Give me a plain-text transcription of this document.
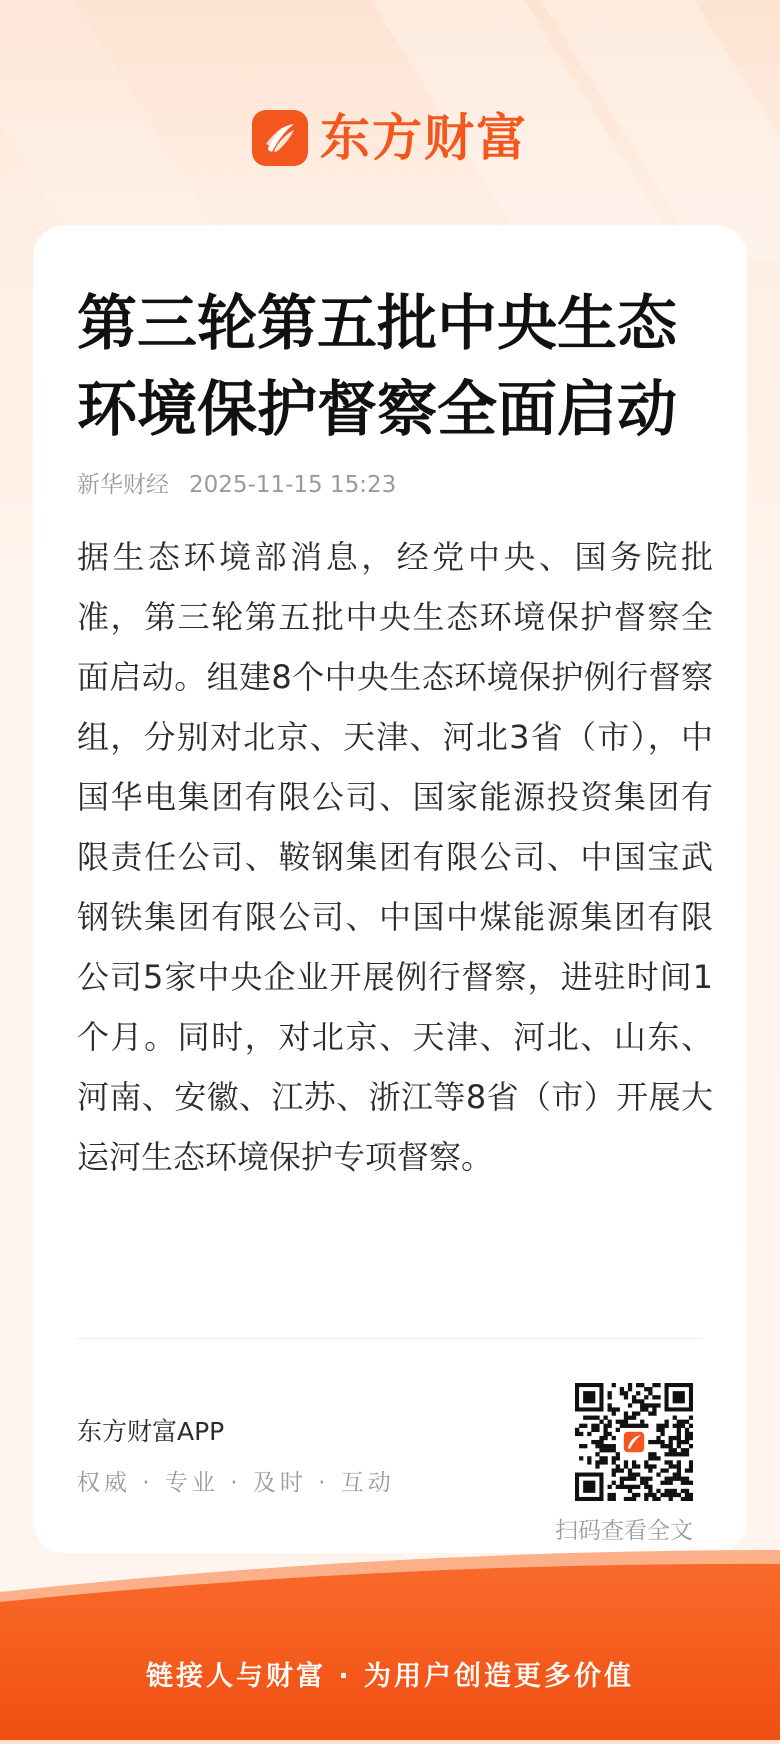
东方财富
第三轮第五批中央生态环境保护督察全面启动
新华财经 2025-11-15 15:23

据生态环境部消息，经党中央、国务院批准，第三轮第五批中央生态环境保护督察全面启动。组建8个中央生态环境保护例行督察组，分别对北京、天津、河北3省（市），中国华电集团有限公司、国家能源投资集团有限责任公司、鞍钢集团有限公司、中国宝武钢铁集团有限公司、中国中煤能源集团有限公司5家中央企业开展例行督察，进驻时间1个月。同时，对北京、天津、河北、山东、河南、安徽、江苏、浙江等8省（市）开展大运河生态环境保护专项督察。

东方财富APP
权威 · 专业 · 及时 · 互动
扫码查看全文
链接人与财富 · 为用户创造更多价值
